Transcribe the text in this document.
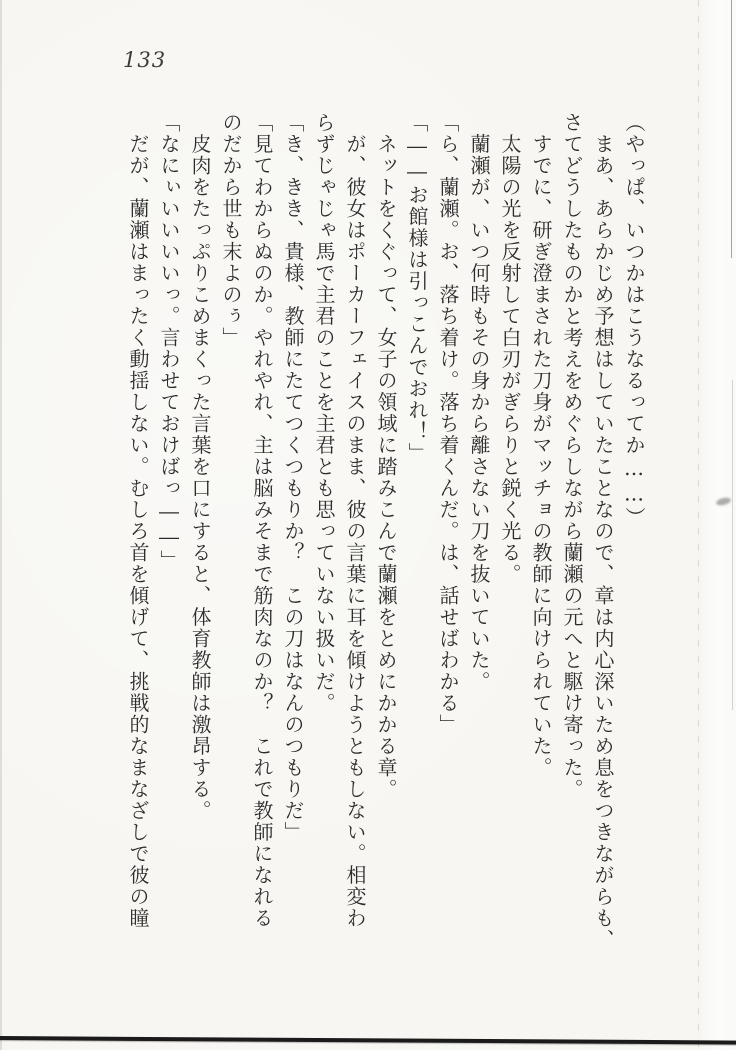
133
（やっぱ、いつかはこうなるってか……）
　まあ、あらかじめ予想はしていたことなので、章は内心深いため息をつきながらも、
さてどうしたものかと考えをめぐらしながら蘭瀬の元へと駆け寄った。
　すでに、研ぎ澄まされた刀身がマッチョの教師に向けられていた。
　太陽の光を反射して白刃がぎらりと鋭く光る。
　蘭瀬が、いつ何時もその身から離さない刀を抜いていた。
「ら、蘭瀬。お、落ち着け。落ち着くんだ。は、話せばわかる」
「――お館様は引っこんでおれ！」
　ネットをくぐって、女子の領域に踏みこんで蘭瀬をとめにかかる章。
　が、彼女はポーカーフェイスのまま、彼の言葉に耳を傾けようともしない。相変わ
らずじゃじゃ馬で主君のことを主君とも思っていない扱いだ。
「き、きき、貴様、教師にたてつくつもりか？　この刀はなんのつもりだ」
「見てわからぬのか。やれやれ、主は脳みそまで筋肉なのか？　これで教師になれる
のだから世も末よのぅ」
　皮肉をたっぷりこめまくった言葉を口にすると、体育教師は激昂する。
「なにぃいいいいっ。言わせておけばっ――」
　だが、蘭瀬はまったく動揺しない。むしろ首を傾げて、挑戦的なまなざしで彼の瞳
